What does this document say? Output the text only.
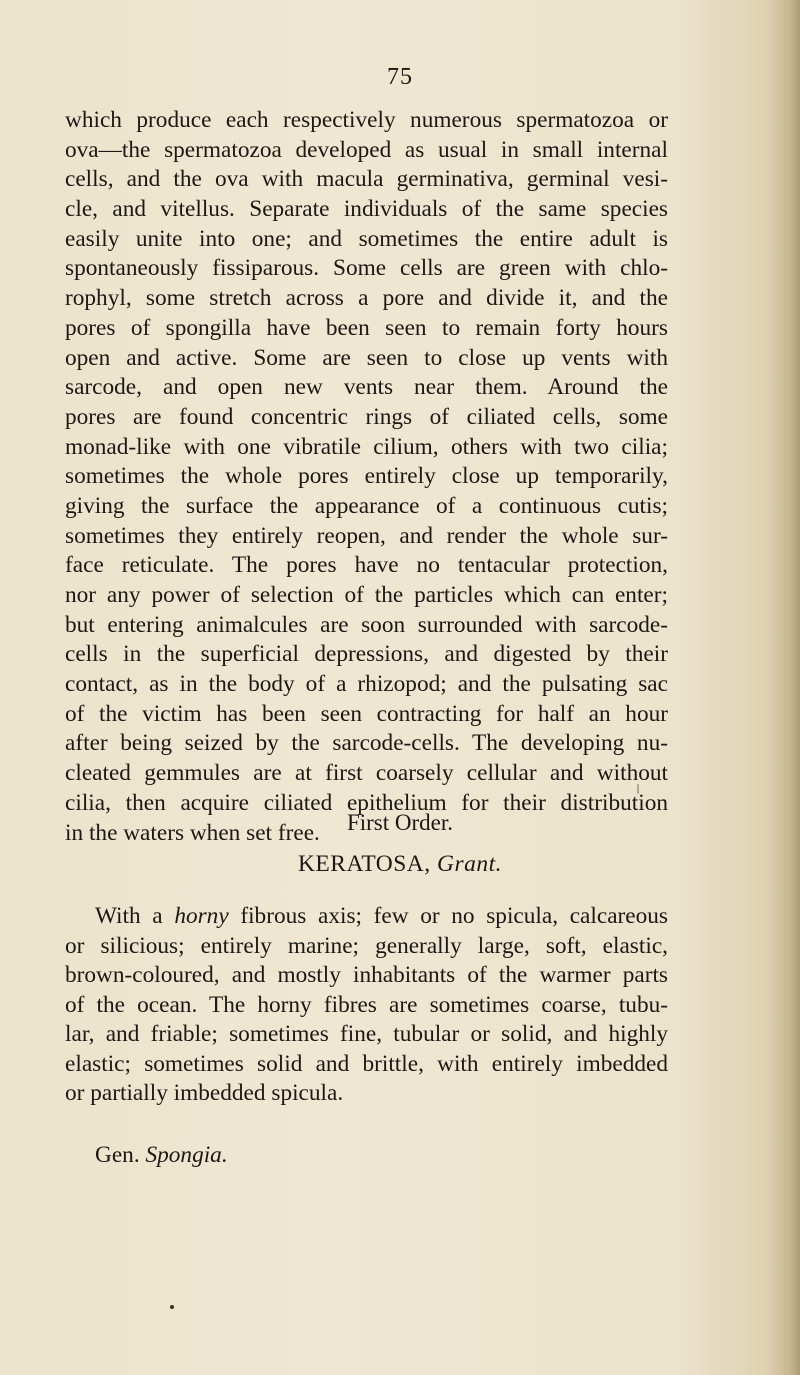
75
which produce each respectively numerous spermatozoa or
ova—the spermatozoa developed as usual in small internal
cells, and the ova with macula germinativa, germinal vesi-
cle, and vitellus. Separate individuals of the same species
easily unite into one; and sometimes the entire adult is
spontaneously fissiparous. Some cells are green with chlo-
rophyl, some stretch across a pore and divide it, and the
pores of spongilla have been seen to remain forty hours
open and active. Some are seen to close up vents with
sarcode, and open new vents near them. Around the
pores are found concentric rings of ciliated cells, some
monad-like with one vibratile cilium, others with two cilia;
sometimes the whole pores entirely close up temporarily,
giving the surface the appearance of a continuous cutis;
sometimes they entirely reopen, and render the whole sur-
face reticulate. The pores have no tentacular protection,
nor any power of selection of the particles which can enter;
but entering animalcules are soon surrounded with sarcode-
cells in the superficial depressions, and digested by their
contact, as in the body of a rhizopod; and the pulsating sac
of the victim has been seen contracting for half an hour
after being seized by the sarcode-cells. The developing nu-
cleated gemmules are at first coarsely cellular and without
cilia, then acquire ciliated epithelium for their distribution
in the waters when set free.	First Order.
KERATOSA, Grant.
With a horny fibrous axis; few or no spicula, calcareous
or silicious; entirely marine; generally large, soft, elastic,
brown-coloured, and mostly inhabitants of the warmer parts
of the ocean. The horny fibres are sometimes coarse, tubu-
lar, and friable; sometimes fine, tubular or solid, and highly
elastic; sometimes solid and brittle, with entirely imbedded
or partially imbedded spicula.
Gen. Spongia.
